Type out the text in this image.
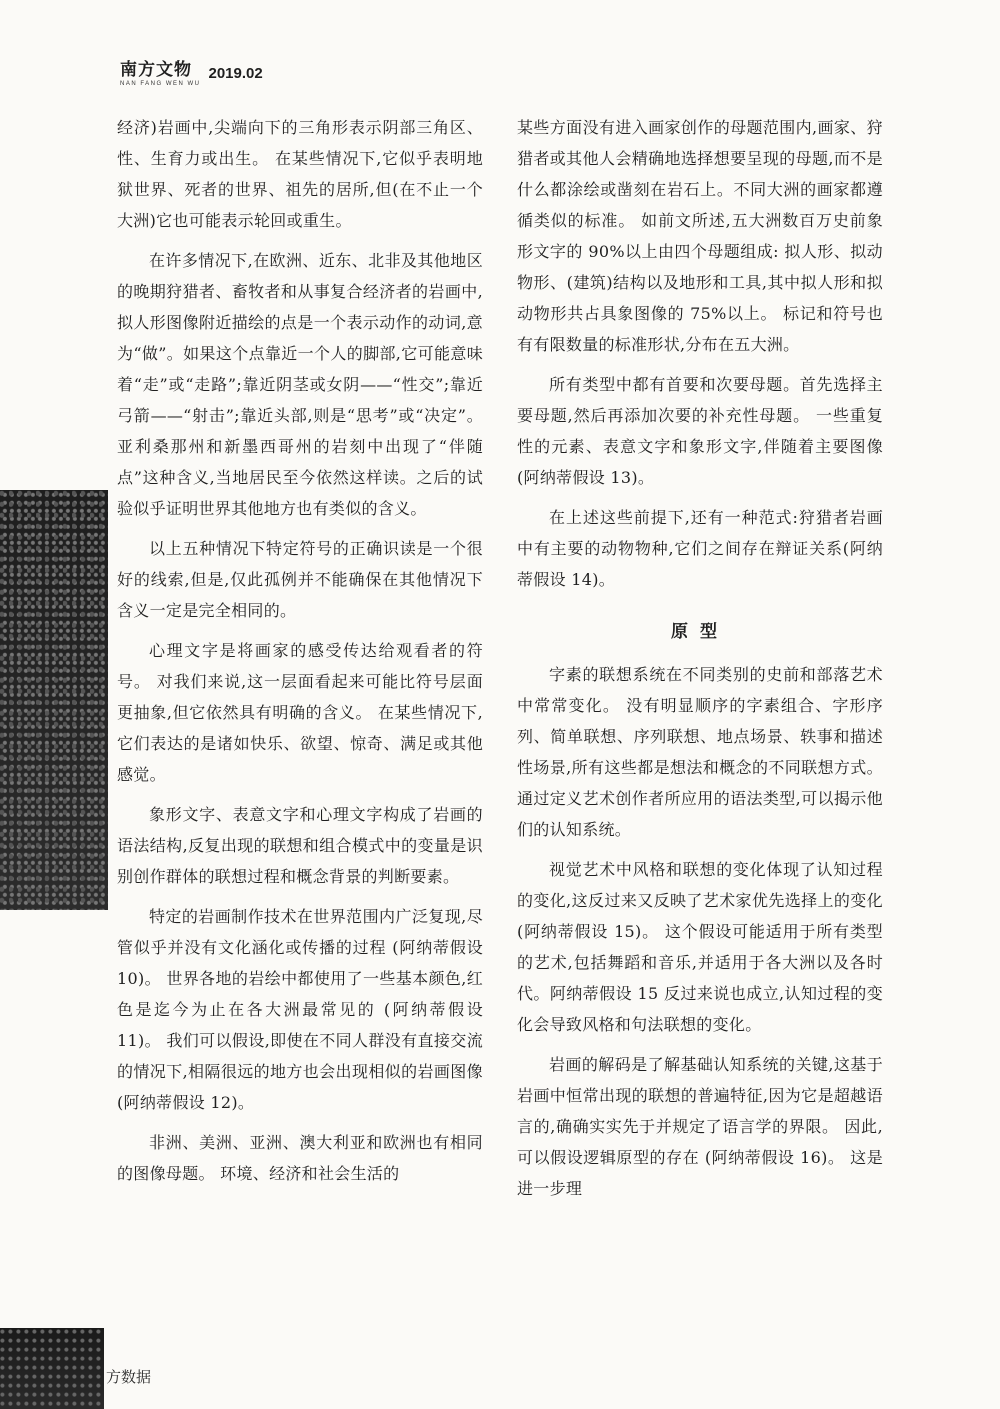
南方文物
NAN FANG WEN WU
2019.02

经济)岩画中,尖端向下的三角形表示阴部三角区、性、生育力或出生。 在某些情况下,它似乎表明地狱世界、死者的世界、祖先的居所,但(在不止一个大洲)它也可能表示轮回或重生。

在许多情况下,在欧洲、近东、北非及其他地区的晚期狩猎者、畜牧者和从事复合经济者的岩画中,拟人形图像附近描绘的点是一个表示动作的动词,意为“做”。如果这个点靠近一个人的脚部,它可能意味着“走”或“走路”;靠近阴茎或女阴——“性交”;靠近弓箭——“射击”;靠近头部,则是“思考”或“决定”。 亚利桑那州和新墨西哥州的岩刻中出现了“伴随点”这种含义,当地居民至今依然这样读。之后的试验似乎证明世界其他地方也有类似的含义。

以上五种情况下特定符号的正确识读是一个很好的线索,但是,仅此孤例并不能确保在其他情况下含义一定是完全相同的。

心理文字是将画家的感受传达给观看者的符号。 对我们来说,这一层面看起来可能比符号层面更抽象,但它依然具有明确的含义。 在某些情况下,它们表达的是诸如快乐、欲望、惊奇、满足或其他感觉。

象形文字、表意文字和心理文字构成了岩画的语法结构,反复出现的联想和组合模式中的变量是识别创作群体的联想过程和概念背景的判断要素。

特定的岩画制作技术在世界范围内广泛复现,尽管似乎并没有文化涵化或传播的过程 (阿纳蒂假设 10)。 世界各地的岩绘中都使用了一些基本颜色,红色是迄今为止在各大洲最常见的 (阿纳蒂假设 11)。 我们可以假设,即使在不同人群没有直接交流的情况下,相隔很远的地方也会出现相似的岩画图像(阿纳蒂假设 12)。

非洲、美洲、亚洲、澳大利亚和欧洲也有相同的图像母题。 环境、经济和社会生活的

某些方面没有进入画家创作的母题范围内,画家、狩猎者或其他人会精确地选择想要呈现的母题,而不是什么都涂绘或凿刻在岩石上。不同大洲的画家都遵循类似的标准。 如前文所述,五大洲数百万史前象形文字的 90%以上由四个母题组成: 拟人形、拟动物形、(建筑)结构以及地形和工具,其中拟人形和拟动物形共占具象图像的 75%以上。 标记和符号也有有限数量的标准形状,分布在五大洲。

所有类型中都有首要和次要母题。首先选择主要母题,然后再添加次要的补充性母题。 一些重复性的元素、表意文字和象形文字,伴随着主要图像(阿纳蒂假设 13)。

在上述这些前提下,还有一种范式:狩猎者岩画中有主要的动物物种,它们之间存在辩证关系(阿纳蒂假设 14)。

原型

字素的联想系统在不同类别的史前和部落艺术中常常变化。 没有明显顺序的字素组合、字形序列、简单联想、序列联想、地点场景、轶事和描述性场景,所有这些都是想法和概念的不同联想方式。 通过定义艺术创作者所应用的语法类型,可以揭示他们的认知系统。

视觉艺术中风格和联想的变化体现了认知过程的变化,这反过来又反映了艺术家优先选择上的变化 (阿纳蒂假设 15)。 这个假设可能适用于所有类型的艺术,包括舞蹈和音乐,并适用于各大洲以及各时代。阿纳蒂假设 15 反过来说也成立,认知过程的变化会导致风格和句法联想的变化。

岩画的解码是了解基础认知系统的关键,这基于岩画中恒常出现的联想的普遍特征,因为它是超越语言的,确确实实先于并规定了语言学的界限。 因此,可以假设逻辑原型的存在 (阿纳蒂假设 16)。 这是进一步理

方数据
